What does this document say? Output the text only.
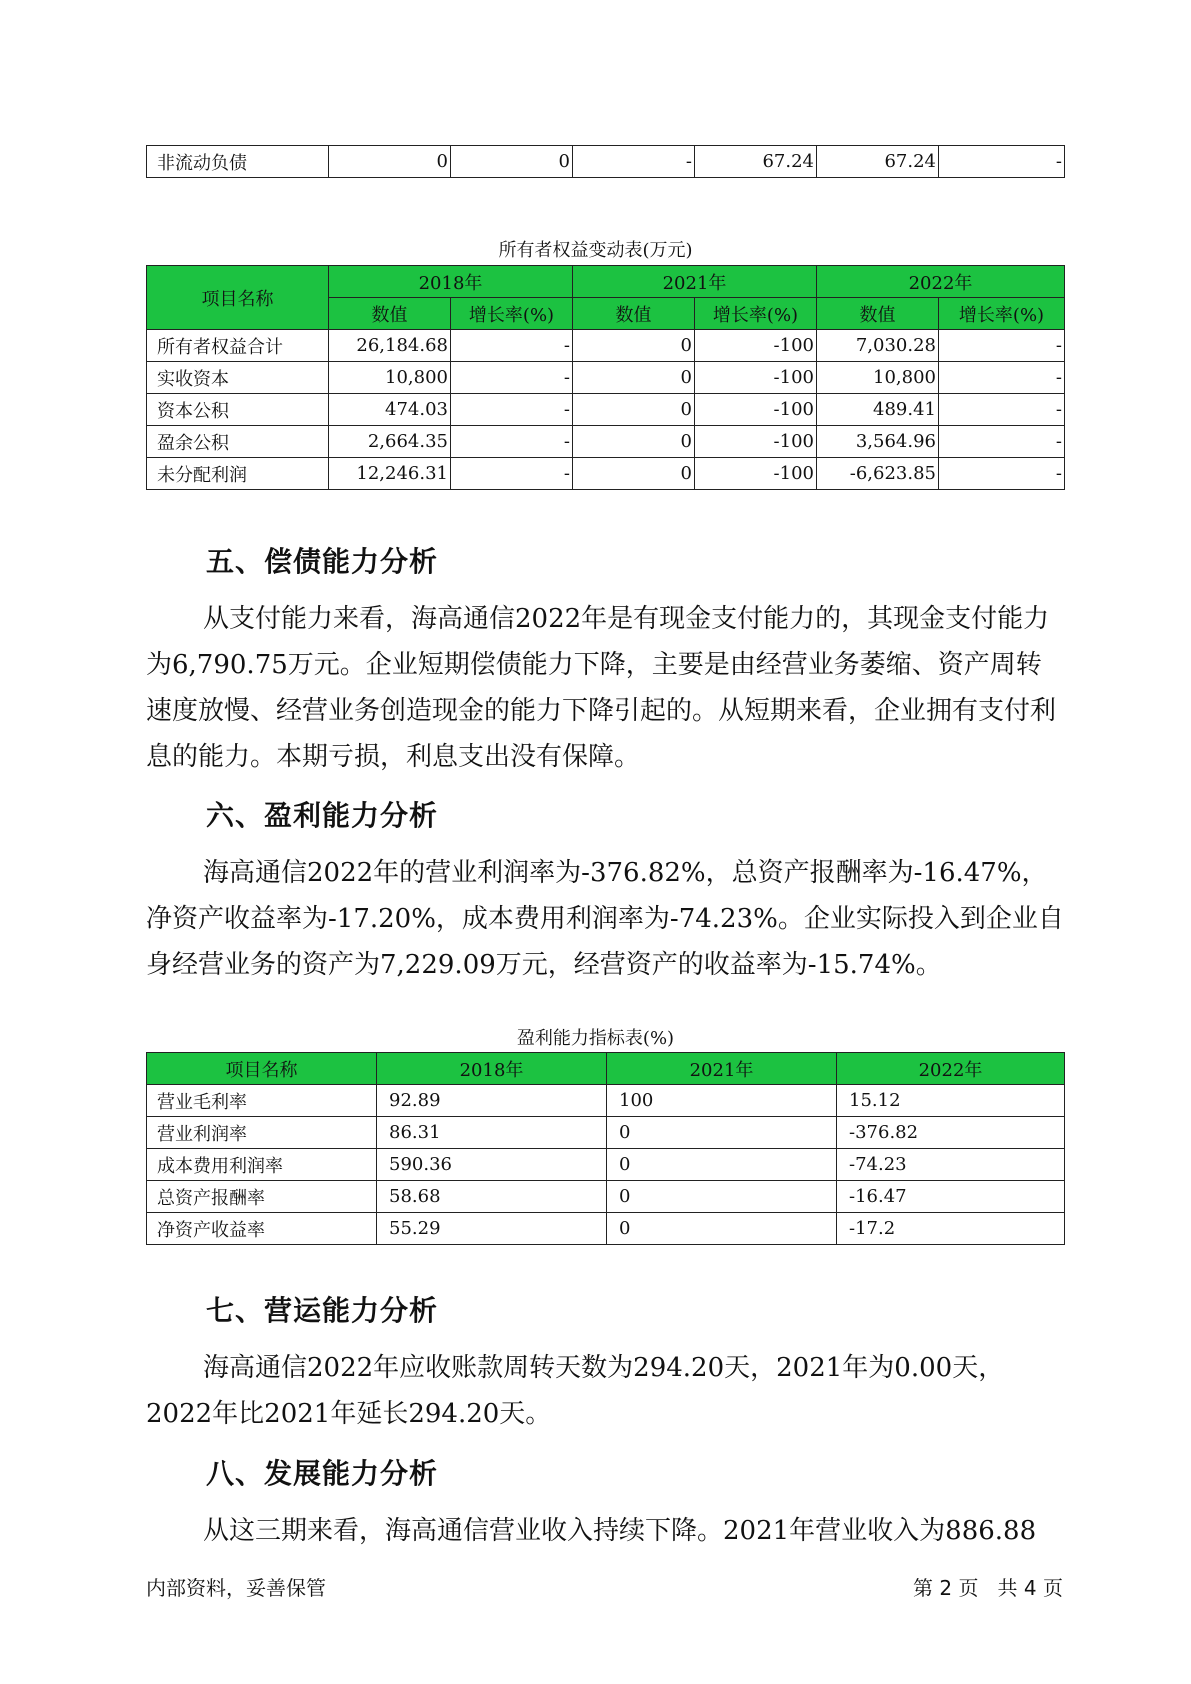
非流动负债	0	0	-	67.24	67.24	-
所有者权益变动表(万元)
项目名称	2018年		2021年		2022年	
	数值	增长率(%)	数值	增长率(%)	数值	增长率(%)
所有者权益合计	26,184.68	-	0	-100	7,030.28	-
实收资本	10,800	-	0	-100	10,800	-
资本公积	474.03	-	0	-100	489.41	-
盈余公积	2,664.35	-	0	-100	3,564.96	-
未分配利润	12,246.31	-	0	-100	-6,623.85	-
五、偿债能力分析

从支付能力来看，海高通信2022年是有现金支付能力的，其现金支付能力为6,790.75万元。企业短期偿债能力下降，主要是由经营业务萎缩、资产周转速度放慢、经营业务创造现金的能力下降引起的。从短期来看，企业拥有支付利息的能力。本期亏损，利息支出没有保障。

六、盈利能力分析

海高通信2022年的营业利润率为-376.82%，总资产报酬率为-16.47%，净资产收益率为-17.20%，成本费用利润率为-74.23%。企业实际投入到企业自身经营业务的资产为7,229.09万元，经营资产的收益率为-15.74%。

盈利能力指标表(%)
项目名称	2018年	2021年	2022年
营业毛利率	92.89	100	15.12
营业利润率	86.31	0	-376.82
成本费用利润率	590.36	0	-74.23
总资产报酬率	58.68	0	-16.47
净资产收益率	55.29	0	-17.2
七、营运能力分析

海高通信2022年应收账款周转天数为294.20天，2021年为0.00天，2022年比2021年延长294.20天。

八、发展能力分析

从这三期来看，海高通信营业收入持续下降。2021年营业收入为886.88

内部资料，妥善保管	第 2 页   共 4 页
